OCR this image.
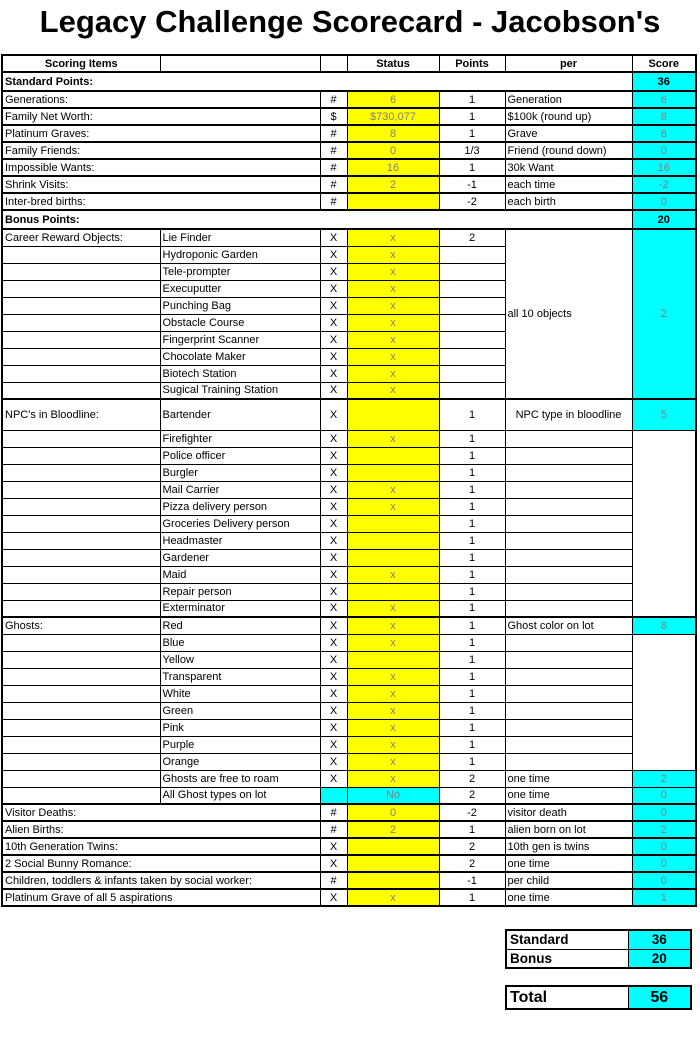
Legacy Challenge Scorecard - Jacobson's
Scoring Items			Status	Points	per	Score
Standard Points:						36
Generations:		#	6	1	Generation	6
Family Net Worth:		$	$730,077	1	$100k (round up)	8
Platinum Graves:		#	8	1	Grave	8
Family Friends:		#	0	1/3	Friend (round down)	0
Impossible Wants:		#	16	1	30k Want	16
Shrink Visits:		#	2	-1	each time	-2
Inter-bred births:		#		-2	each birth	0
Bonus Points:						20
Career Reward Objects:	Lie Finder	X	x	2	all 10 objects	2
	Hydroponic Garden	X	x			
	Tele-prompter	X	x			
	Execuputter	X	x			
	Punching Bag	X	x			
	Obstacle Course	X	x			
	Fingerprint Scanner	X	x			
	Chocolate Maker	X	x			
	Biotech Station	X	x			
	Sugical Training Station	X	x			
NPC's in Bloodline:	Bartender	X		1	NPC type in bloodline	5
	Firefighter	X	x	1		
	Police officer	X		1		
	Burgler	X		1		
	Mail Carrier	X	x	1		
	Pizza delivery person	X	x	1		
	Groceries Delivery person	X		1		
	Headmaster	X		1		
	Gardener	X		1		
	Maid	X	x	1		
	Repair person	X		1		
	Exterminator	X	x	1		
Ghosts:	Red	X	x	1	Ghost color on lot	8
	Blue	X	x	1		
	Yellow	X		1		
	Transparent	X	x	1		
	White	X	x	1		
	Green	X	x	1		
	Pink	X	x	1		
	Purple	X	x	1		
	Orange	X	x	1		
	Ghosts are free to roam	X	x	2	one time	2
	All Ghost types on lot		No	2	one time	0
Visitor Deaths:		#	0	-2	visitor death	0
Alien Births:		#	2	1	alien born on lot	2
10th Generation Twins:		X		2	10th gen is twins	0
2 Social Bunny Romance:		X		2	one time	0
Children, toddlers & infants taken by social worker:		#		-1	per child	0
Platinum Grave of all 5 aspirations		X	x	1	one time	1
Standard	36
Bonus	20
Total	56
